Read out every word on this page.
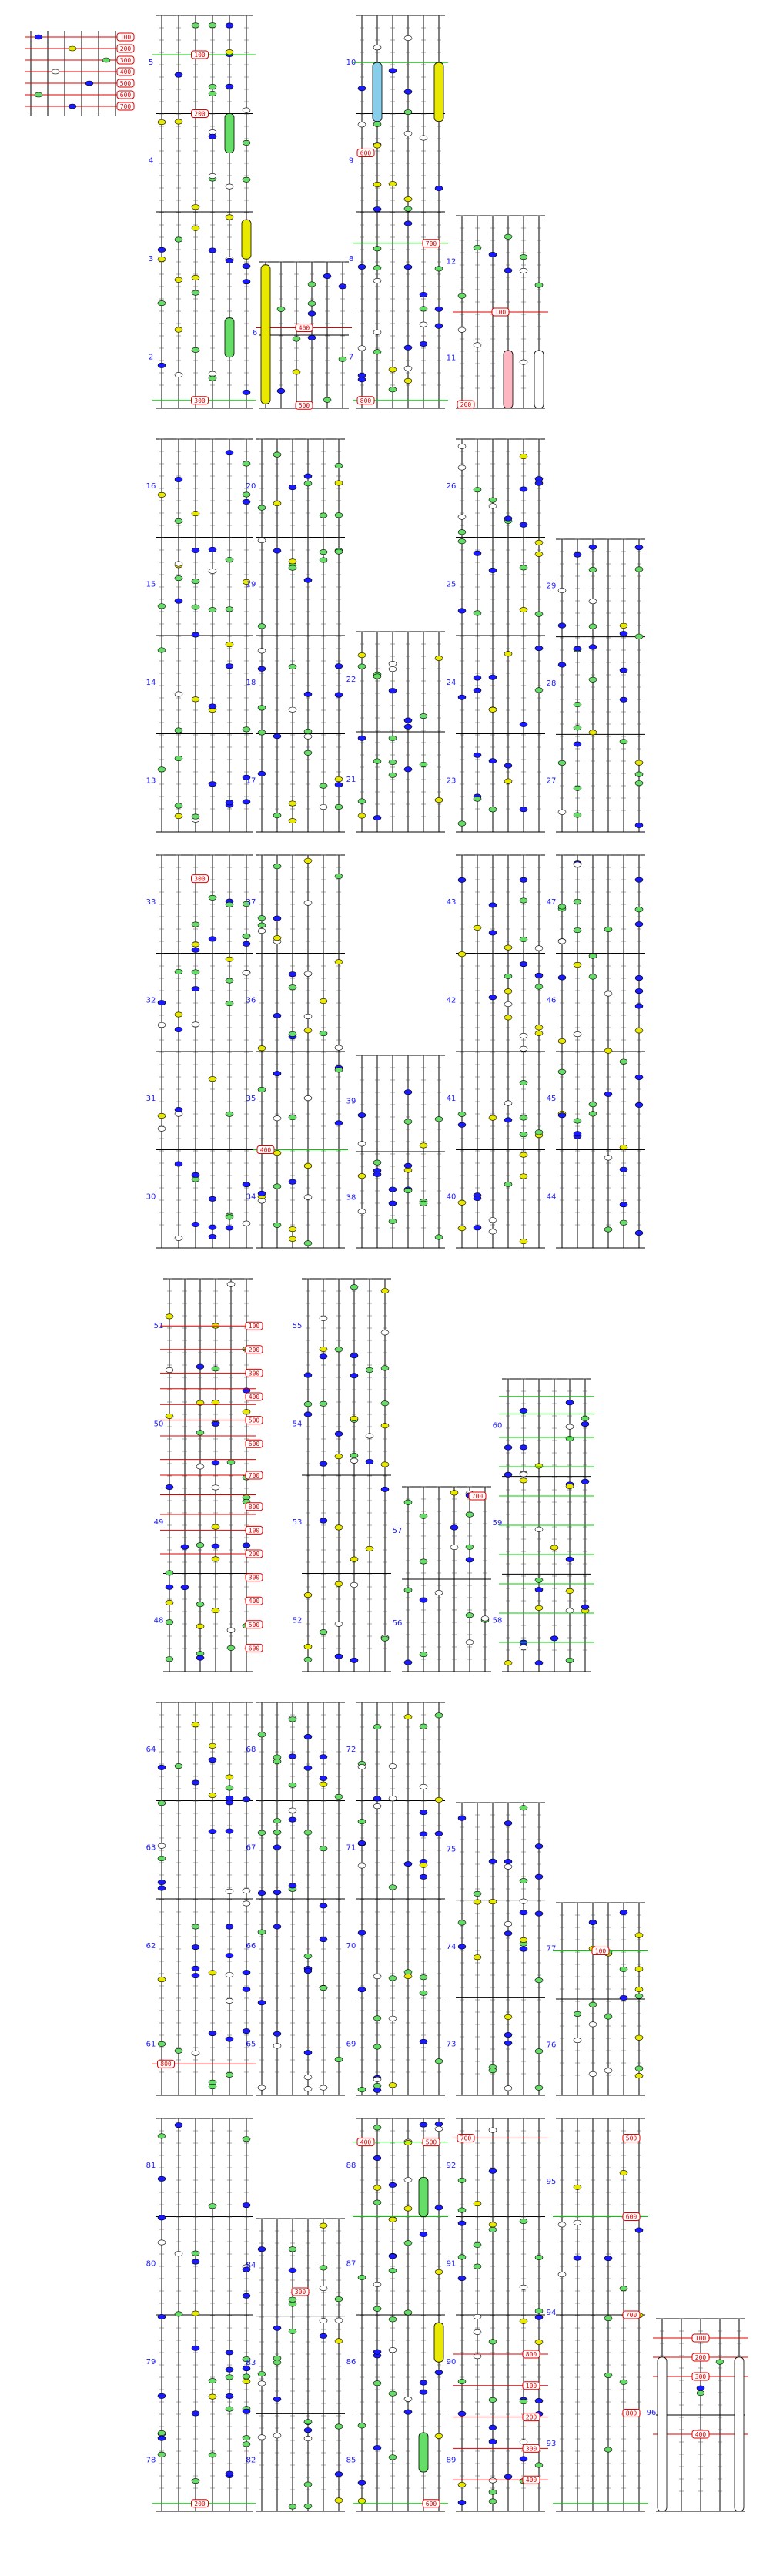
100
200
300
400
500
600
700
2
3
4
5
100
200
300
6
400
500
7
8
9
10
600
700
800
11
12
100
200
13
14
15
16
17
18
19
20
21
22
23
24
25
26
27
28
29
30
31
32
33
300
34
35
36
37
400
38
39
40
41
42
43
44
45
46
47
48
49
50
51	100
200
300
400
500
600
700
800
100
200
300
400
500
600
52
53
54
55
56
57
700
58
59
60
61
62
63
64
800
65
66
67
68
69
70
71
72
73
74
75
76
77	100
78
79
80
81
200
82
83
84
300
85
86
87
88
400	500
600
89
90
91
92
700
800
100
200
300
400
93
94
95
500
600
700
800 96
100
200
300
400
